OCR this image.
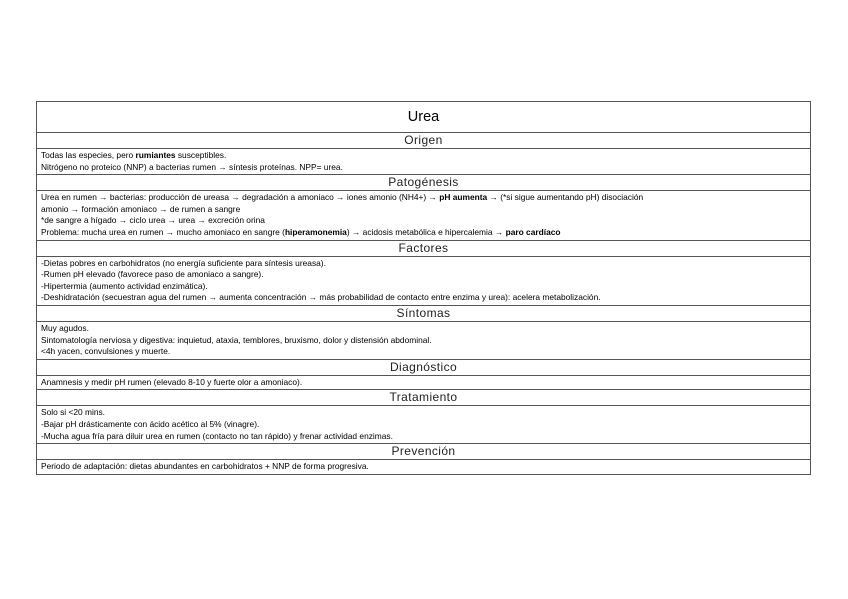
Urea
Origen

Todas las especies, pero rumiantes susceptibles.
Nitrógeno no proteico (NNP) a bacterias rumen → síntesis proteínas. NPP= urea.

Patogénesis

Urea en rumen → bacterias: producción de ureasa → degradación a amoniaco → iones amonio (NH4+) → pH aumenta → (*si sigue aumentando pH) disociación
amonio → formación amoniaco → de rumen a sangre
*de sangre a hígado → ciclo urea → urea → excreción orina
Problema: mucha urea en rumen → mucho amoniaco en sangre (hiperamonemia) → acidosis metabólica e hipercalemia → paro cardíaco

Factores

-Dietas pobres en carbohidratos (no energía suficiente para síntesis ureasa).
-Rumen pH elevado (favorece paso de amoniaco a sangre).
-Hipertermia (aumento actividad enzimática).
-Deshidratación (secuestran agua del rumen → aumenta concentración → más probabilidad de contacto entre enzima y urea): acelera metabolización.

Síntomas

Muy agudos.
Sintomatología nerviosa y digestiva: inquietud, ataxia, temblores, bruxismo, dolor y distensión abdominal.
<4h yacen, convulsiones y muerte.

Diagnóstico

Anamnesis y medir pH rumen (elevado 8-10 y fuerte olor a amoniaco).

Tratamiento

Solo si <20 mins.
-Bajar pH drásticamente con ácido acético al 5% (vinagre).
-Mucha agua fría para diluir urea en rumen (contacto no tan rápido) y frenar actividad enzimas.

Prevención

Periodo de adaptación: dietas abundantes en carbohidratos + NNP de forma progresiva.
